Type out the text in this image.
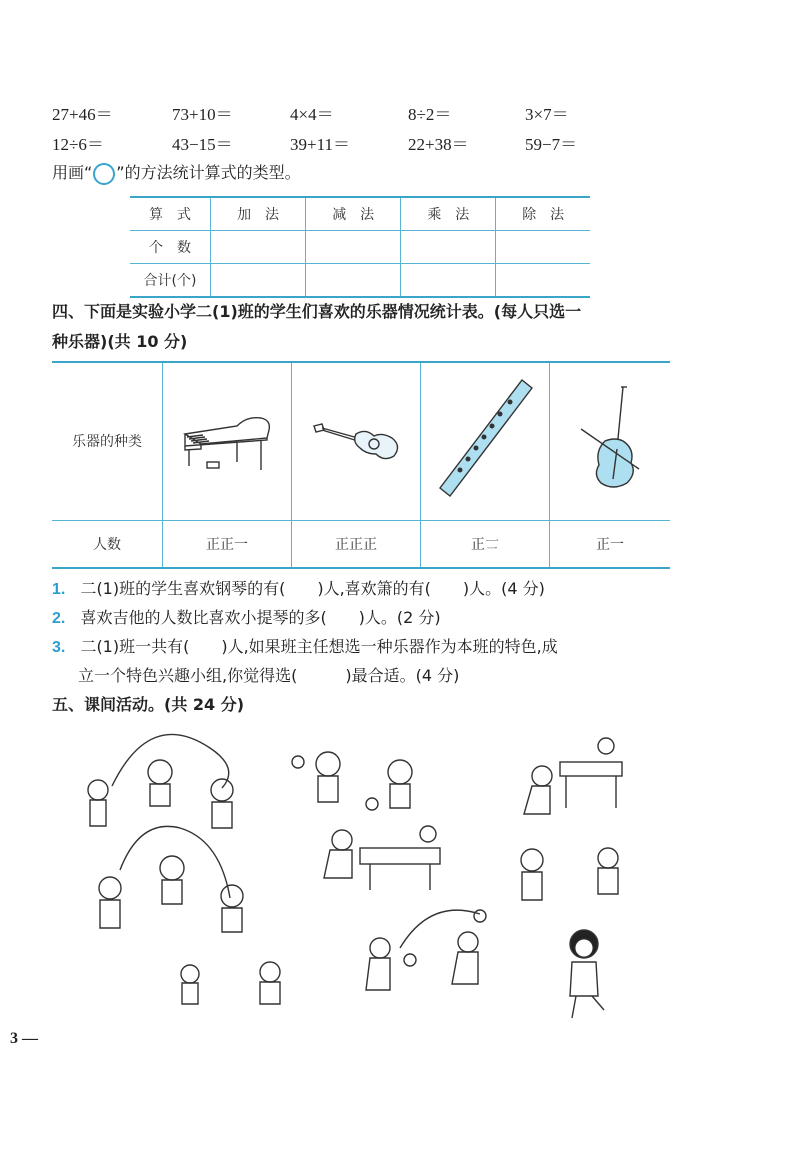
27+46＝	73+10＝	4×4＝	8÷2＝	3×7＝
12÷6＝	43−15＝	39+11＝	22+38＝	59−7＝
用画“ ”的方法统计算式的类型。
算　式	加　法	减　法	乘　法	除　法
个　数				
合计(个)				
四、下面是实验小学二(1)班的学生们喜欢的乐器情况统计表。(每人只选一
种乐器)(共 10 分)
乐器的种类				
人数	正正一	正正正	正𠄟	正一
1. 二(1)班的学生喜欢钢琴的有(　　)人,喜欢箫的有(　　)人。(4 分)
2. 喜欢吉他的人数比喜欢小提琴的多(　　)人。(2 分)
3. 二(1)班一共有(　　)人,如果班主任想选一种乐器作为本班的特色,成
立一个特色兴趣小组,你觉得选(　　　)最合适。(4 分)
五、课间活动。(共 24 分)
3 —
